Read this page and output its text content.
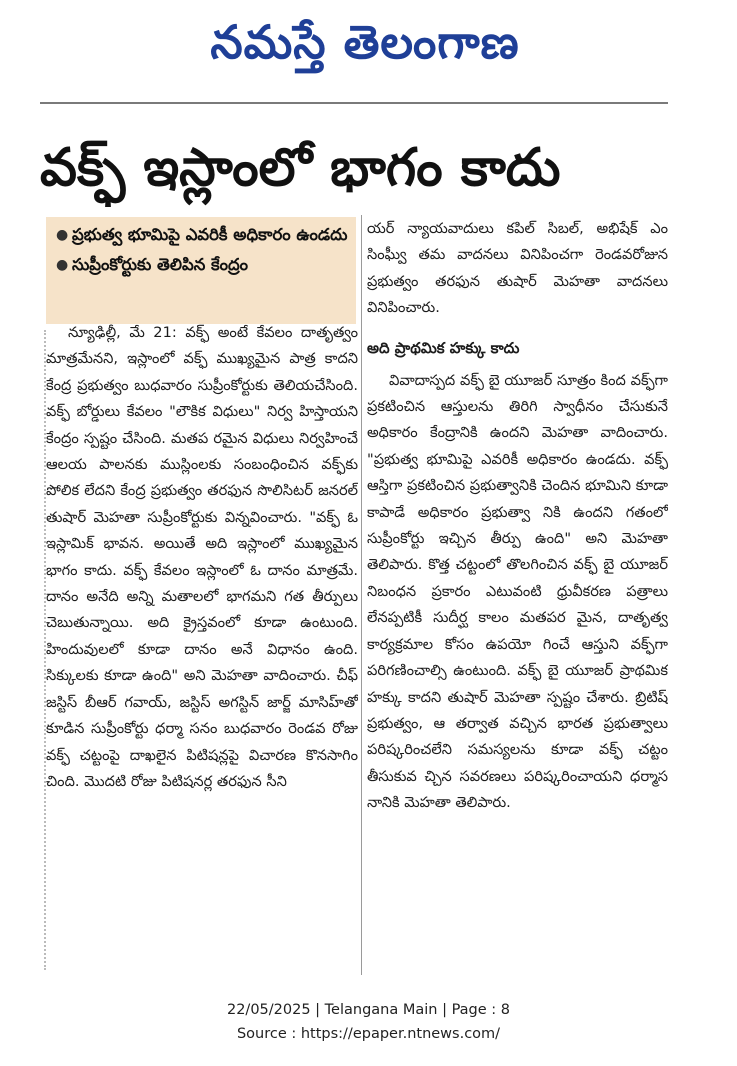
నమస్తే తెలంగాణ
వక్ఫ్ ఇస్లాంలో భాగం కాదు
● ప్రభుత్వ భూమిపై ఎవరికీ అధికారం ఉండదు
● సుప్రీంకోర్టుకు తెలిపిన కేంద్రం

న్యూఢిల్లీ, మే 21: వక్ఫ్ అంటే కేవలం దాతృత్వం మాత్రమేనని, ఇస్లాంలో వక్ఫ్ ముఖ్యమైన పాత్ర కాదని కేంద్ర ప్రభుత్వం బుధవారం సుప్రీంకోర్టుకు తెలియచేసింది. వక్ఫ్ బోర్డులు కేవలం "లౌకిక విధులు" నిర్వ హిస్తాయని కేంద్రం స్పష్టం చేసింది. మతప రమైన విధులు నిర్వహించే ఆలయ పాలనకు ముస్లింలకు సంబంధించిన వక్ఫ్‌కు పోలిక లేదని కేంద్ర ప్రభుత్వం తరఫున సొలిసిటర్ జనరల్ తుషార్ మెహతా సుప్రీంకోర్టుకు విన్నవించారు. "వక్ఫ్ ఓ ఇస్లామిక్ భావన. అయితే అది ఇస్లాంలో ముఖ్యమైన భాగం కాదు. వక్ఫ్ కేవలం ఇస్లాంలో ఓ దానం మాత్రమే. దానం అనేది అన్ని మతాలలో భాగమని గత తీర్పులు చెబుతున్నాయి. అది క్రైస్తవంలో కూడా ఉంటుంది. హిందువులలో కూడా దానం అనే విధానం ఉంది. సిక్కులకు కూడా ఉంది" అని మెహతా వాదించారు. చీఫ్ జస్టిస్ బీఆర్ గవాయ్, జస్టిస్ అగస్టిన్ జార్జ్ మాసిహ్‌తో కూడిన సుప్రీంకోర్టు ధర్మా సనం బుధవారం రెండవ రోజు వక్ఫ్ చట్టంపై దాఖలైన పిటిషన్లపై విచారణ కొనసాగిం చింది. మొదటి రోజు పిటిషనర్ల తరఫున సీని

యర్ న్యాయవాదులు కపిల్ సిబల్, అభిషేక్ ఎం సింఘ్వీ తమ వాదనలు వినిపించగా రెండవరోజున ప్రభుత్వం తరఫున తుషార్ మెహతా వాదనలు వినిపించారు.

అది ప్రాథమిక హక్కు కాదు

వివాదాస్పద వక్ఫ్ బై యూజర్ సూత్రం కింద వక్ఫ్‌గా ప్రకటించిన ఆస్తులను తిరిగి స్వాధీనం చేసుకునే అధికారం కేంద్రానికి ఉందని మెహతా వాదించారు. "ప్రభుత్వ భూమిపై ఎవరికీ అధికారం ఉండదు. వక్ఫ్ ఆస్తిగా ప్రకటించిన ప్రభుత్వానికి చెందిన భూమిని కూడా కాపాడే అధికారం ప్రభుత్వా నికి ఉందని గతంలో సుప్రీంకోర్టు ఇచ్చిన తీర్పు ఉంది" అని మెహతా తెలిపారు. కొత్త చట్టంలో తొలగించిన వక్ఫ్ బై యూజర్ నిబంధన ప్రకారం ఎటువంటి ధ్రువీకరణ పత్రాలు లేనప్పటికీ సుదీర్ఘ కాలం మతపర మైన, దాతృత్వ కార్యక్రమాల కోసం ఉపయో గించే ఆస్తుని వక్ఫ్‌గా పరిగణించాల్సి ఉంటుంది. వక్ఫ్ బై యూజర్ ప్రాథమిక హక్కు కాదని తుషార్ మెహతా స్పష్టం చేశారు. బ్రిటిష్ ప్రభుత్వం, ఆ తర్వాత వచ్చిన భారత ప్రభుత్వాలు పరిష్కరించలేని సమస్యలను కూడా వక్ఫ్ చట్టం తీసుకువ చ్చిన సవరణలు పరిష్కరించాయని ధర్మాస నానికి మెహతా తెలిపారు.

22/05/2025 | Telangana Main | Page : 8
Source : https://epaper.ntnews.com/
